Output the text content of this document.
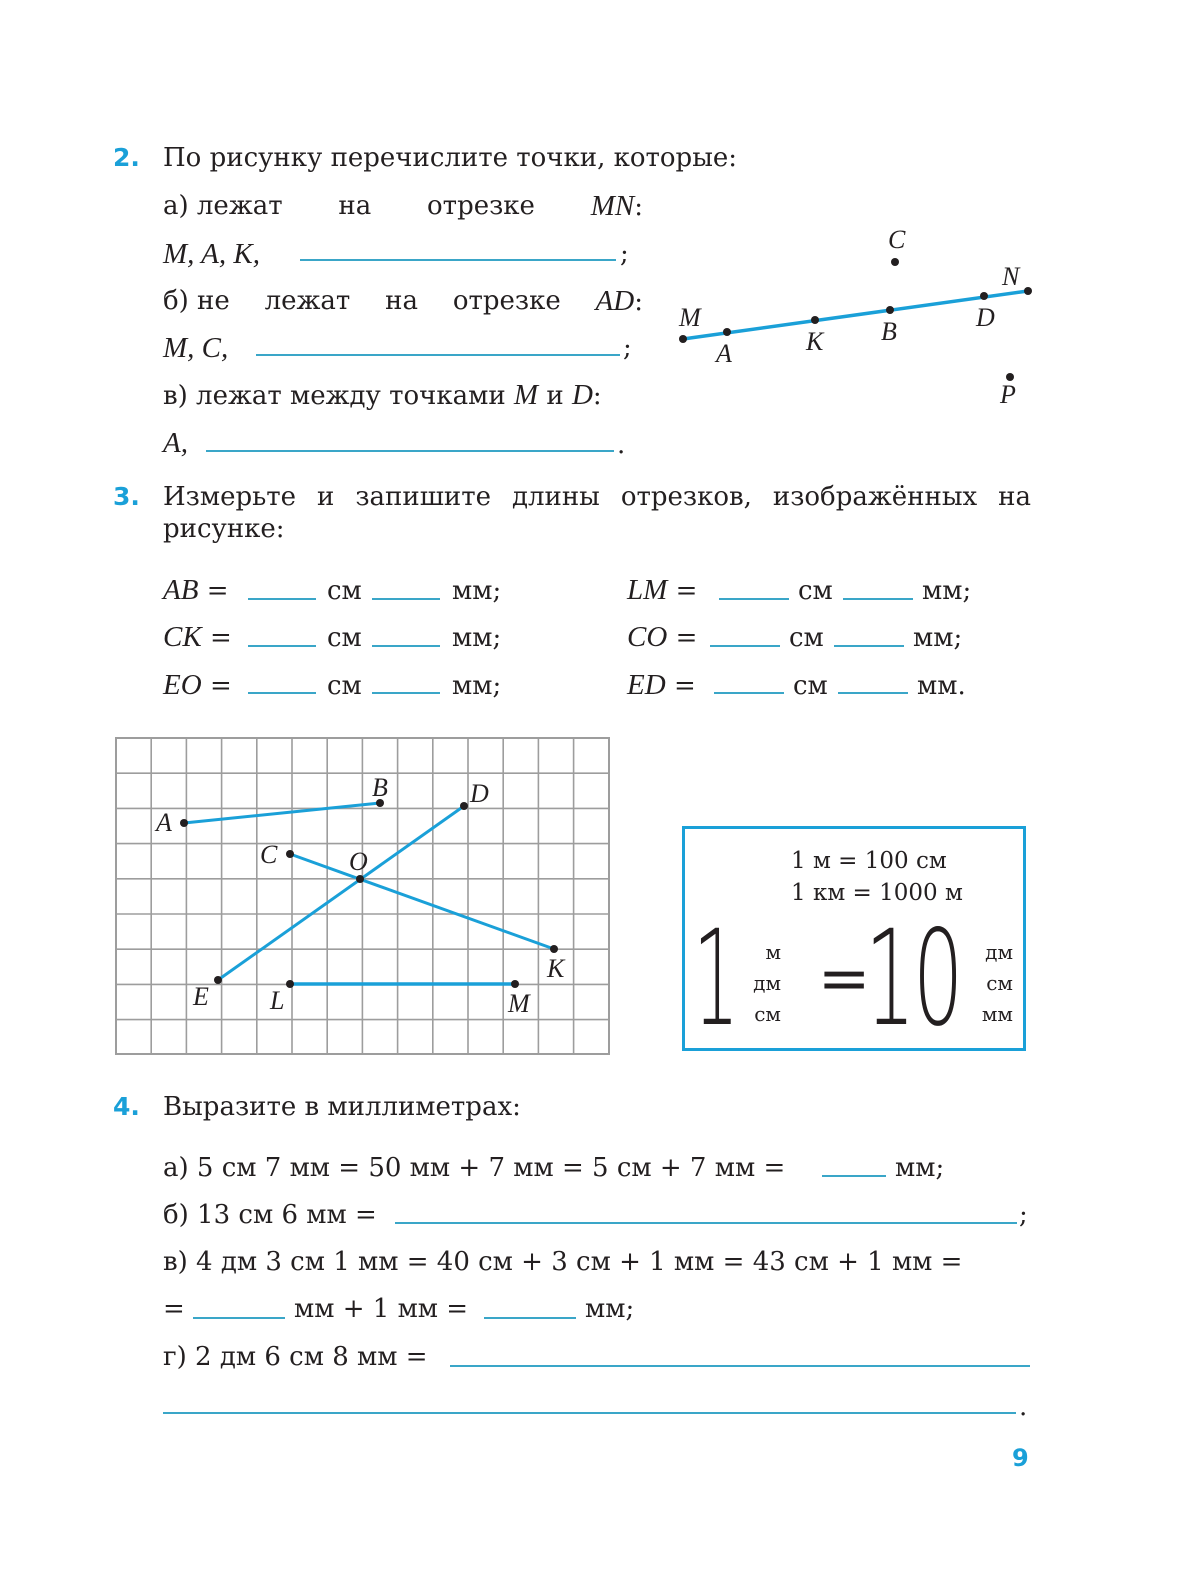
2. По рисунку перечислите точки, которые:
а) лежат на отрезке MN:
M, A, K,	;
б) не лежат на отрезке AD:
M, C,	;
в) лежат между точками M и D:
A,	.
M
A	K B	D
N
C
P
3. Измерьте и запишите длины отрезков, изображённых на
рисунке:
AB =	см	мм;
CK =	см	мм;
EO =	см	мм;
LM =	см	мм;
CO =	см	мм;
ED =	см	мм.
A
B
C
D
O
K
E L	M
1 м = 100 см
1 км = 1000 м
1	м
дм
см =
10	дм
см
мм
4. Выразите в миллиметрах:
а) 5 см 7 мм = 50 мм + 7 мм = 5 см + 7 мм =	мм;
б) 13 см 6 мм =	;
в) 4 дм 3 см 1 мм = 40 см + 3 см + 1 мм = 43 см + 1 мм =
=	мм + 1 мм =	мм;
г) 2 дм 6 см 8 мм =
.
9
